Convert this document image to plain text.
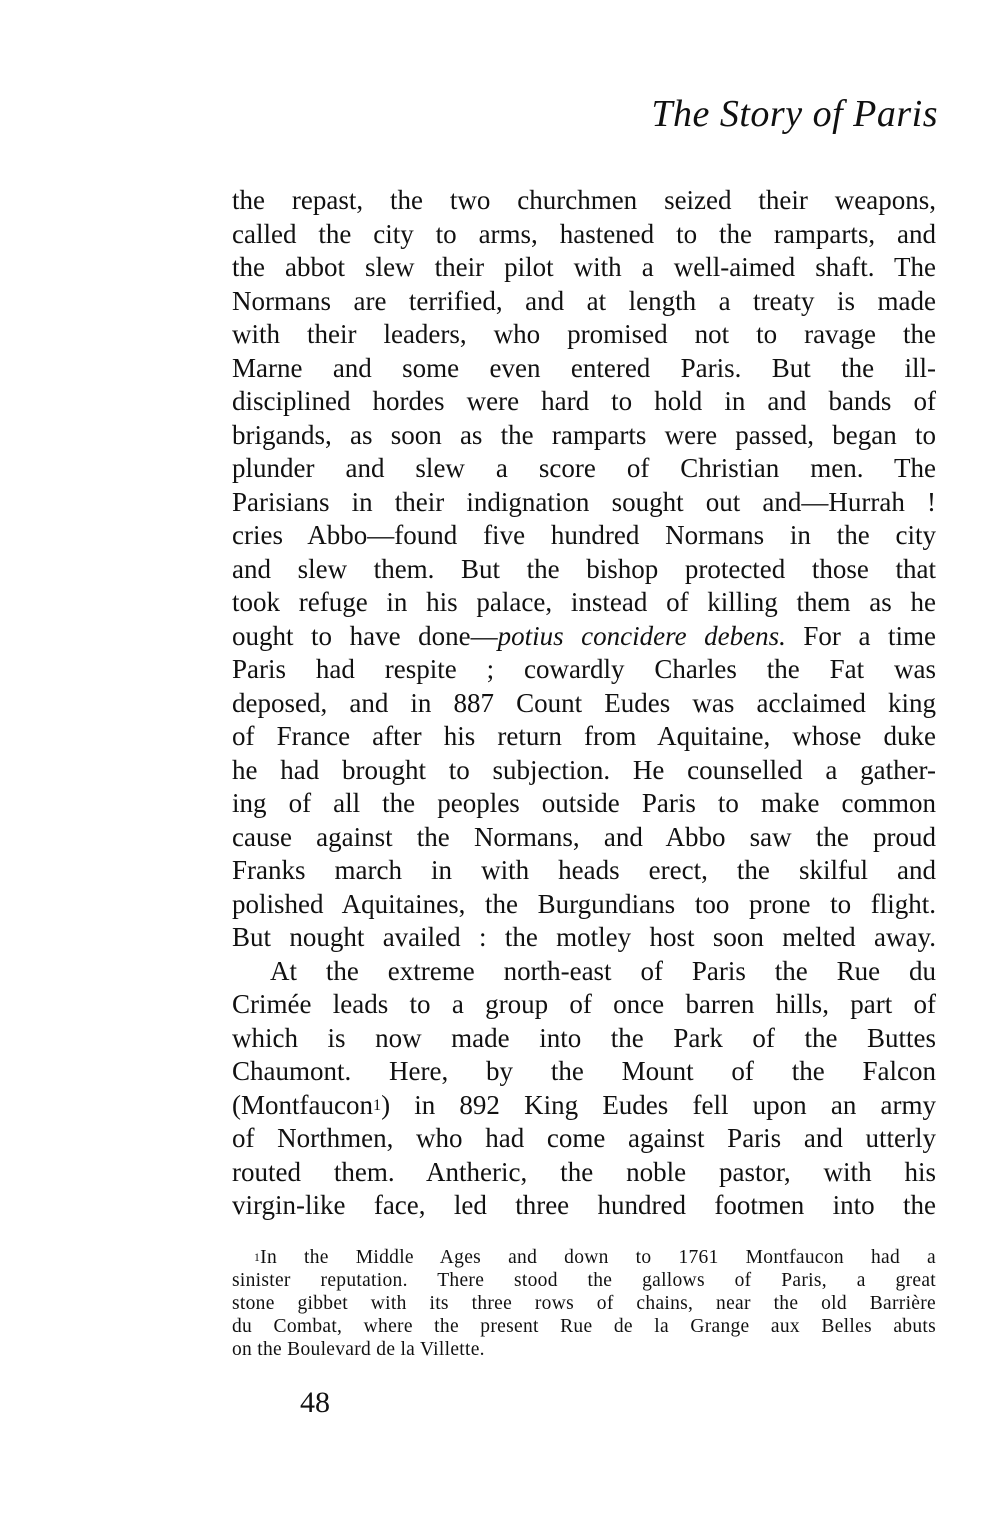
The Story of Paris
the repast, the two churchmen seized their weapons,
called the city to arms, hastened to the ramparts, and
the abbot slew their pilot with a well-aimed shaft. The
Normans are terrified, and at length a treaty is made
with their leaders, who promised not to ravage the
Marne and some even entered Paris. But the ill-
disciplined hordes were hard to hold in and bands of
brigands, as soon as the ramparts were passed, began to
plunder and slew a score of Christian men. The
Parisians in their indignation sought out and—Hurrah !
cries Abbo—found five hundred Normans in the city
and slew them. But the bishop protected those that
took refuge in his palace, instead of killing them as he
ought to have done—potius concidere debens. For a time
Paris had respite ; cowardly Charles the Fat was
deposed, and in 887 Count Eudes was acclaimed king
of France after his return from Aquitaine, whose duke
he had brought to subjection. He counselled a gather-
ing of all the peoples outside Paris to make common
cause against the Normans, and Abbo saw the proud
Franks march in with heads erect, the skilful and
polished Aquitaines, the Burgundians too prone to flight.
But nought availed : the motley host soon melted away.
At the extreme north-east of Paris the Rue du
Crimée leads to a group of once barren hills, part of
which is now made into the Park of the Buttes
Chaumont. Here, by the Mount of the Falcon
(Montfaucon$^1$) in 892 King Eudes fell upon an army
of Northmen, who had come against Paris and utterly
routed them. Antheric, the noble pastor, with his
virgin-like face, led three hundred footmen into the
$^1$In the Middle Ages and down to 1761 Montfaucon had a
sinister reputation. There stood the gallows of Paris, a great
stone gibbet with its three rows of chains, near the old Barrière
du Combat, where the present Rue de la Grange aux Belles abuts
on the Boulevard de la Villette.
48
